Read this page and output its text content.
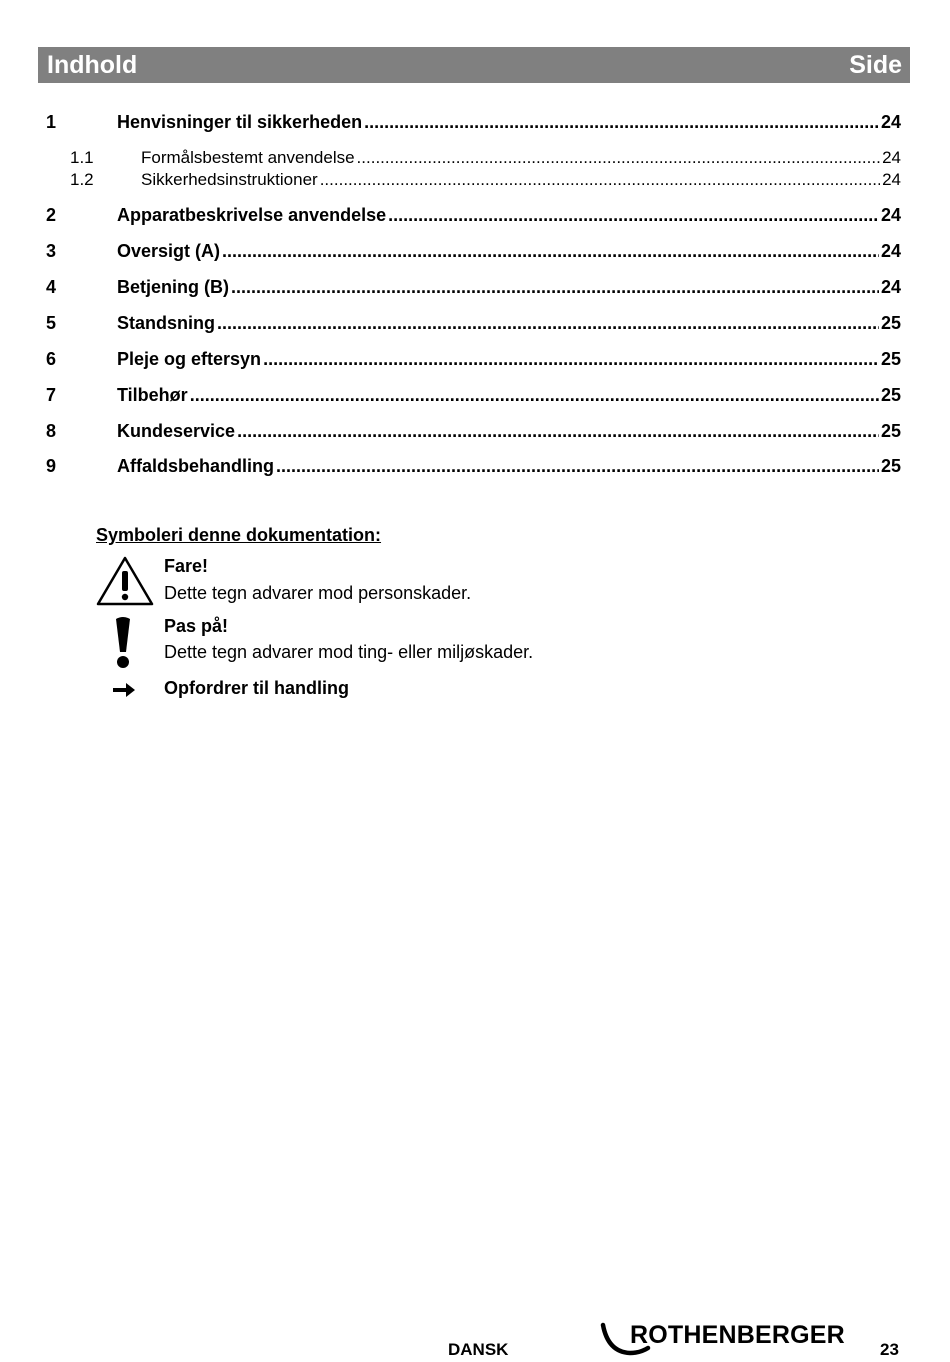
Indhold	Side
1	Henvisninger til sikkerheden .....	24
1.1	Formålsbestemt anvendelse .....	24
1.2	Sikkerhedsinstruktioner .....	24
2	Apparatbeskrivelse anvendelse .....	24
3	Oversigt (A) .....	24
4	Betjening (B) .....	24
5	Standsning .....	25
6	Pleje og eftersyn .....	25
7	Tilbehør .....	25
8	Kundeservice .....	25
9	Affaldsbehandling .....	25
Symboleri denne dokumentation:
Fare!
Dette tegn advarer mod personskader.
Pas på!
Dette tegn advarer mod ting- eller miljøskader.
Opfordrer til handling
DANSK
ROTHENBERGER
23
